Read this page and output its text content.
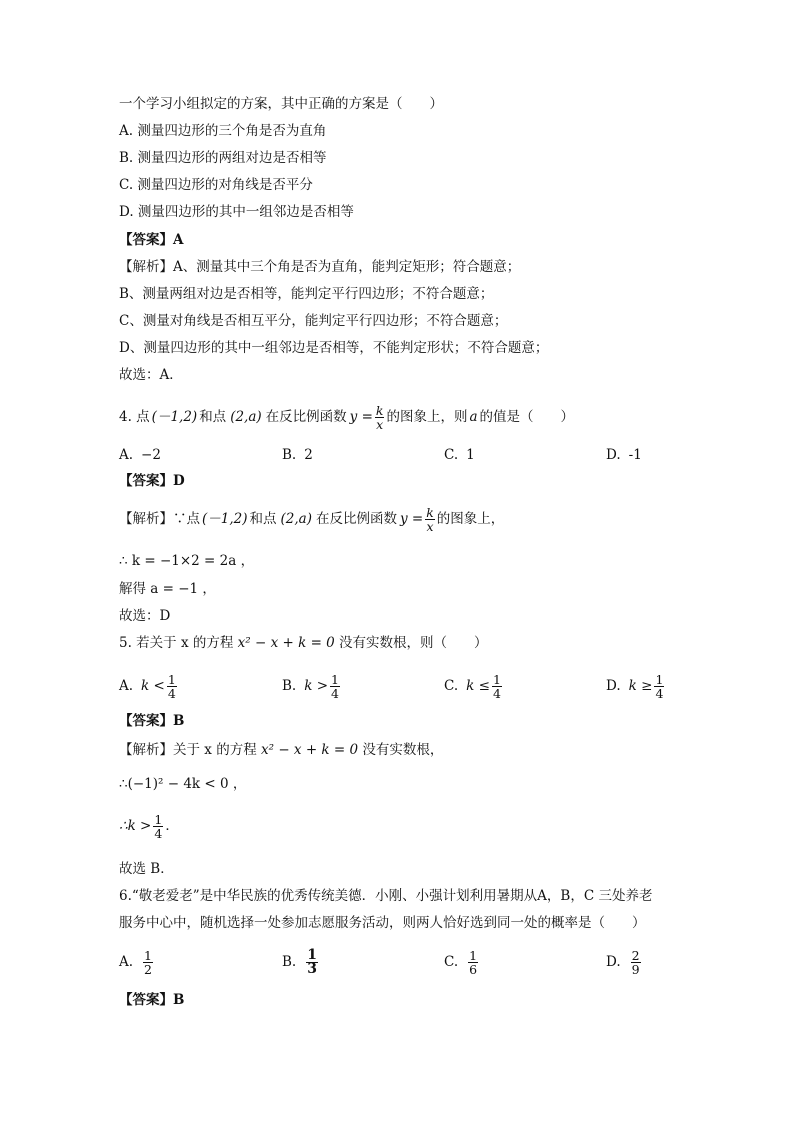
一个学习小组拟定的方案，其中正确的方案是（　　）
A. 测量四边形的三个角是否为直角
B. 测量四边形的两组对边是否相等
C. 测量四边形的对角线是否平分
D. 测量四边形的其中一组邻边是否相等
【答案】A
【解析】A、测量其中三个角是否为直角，能判定矩形；符合题意；
B、测量两组对边是否相等，能判定平行四边形；不符合题意；
C、测量对角线是否相互平分，能判定平行四边形；不符合题意；
D、测量四边形的其中一组邻边是否相等，不能判定形状；不符合题意；
故选：A．
4. 点 (－1,2) 和点 (2,a) 在反比例函数 $y = \frac{k}{x}$ 的图象上，则 a 的值是（　　）
A. −2	B. 2	C. 1	D. -1
【答案】D
【解析】∵点 (－1,2) 和点 (2,a) 在反比例函数 $y = \frac{k}{x}$ 的图象上，
∴ k = −1×2 = 2a ，
解得 a = −1 ，
故选：D
5. 若关于 x 的方程 x² − x + k = 0 没有实数根，则（　　）
A. $k < \frac{1}{4}$	B. $k > \frac{1}{4}$	C. $k \le \frac{1}{4}$	D. $k \ge \frac{1}{4}$
【答案】B
【解析】关于 x 的方程 x² − x + k = 0 没有实数根，
∴(−1)² − 4k < 0 ，
∴k > $\frac{1}{4}$ ．
故选 B．
6.“敬老爱老”是中华民族的优秀传统美德．小刚、小强计划利用暑期从A，B，C 三处养老
服务中心中，随机选择一处参加志愿服务活动，则两人恰好选到同一处的概率是（　　）
A. $\frac{1}{2}$	B. $\frac{1}{3}$	C. $\frac{1}{6}$	D. $\frac{2}{9}$
【答案】B
